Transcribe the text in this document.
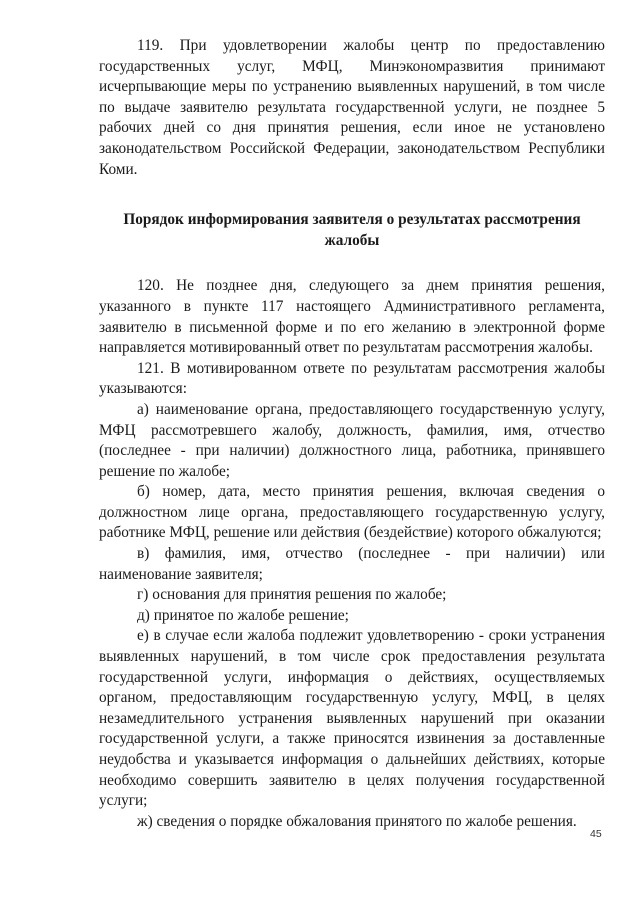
119. При удовлетворении жалобы центр по предоставлению государственных услуг, МФЦ, Минэкономразвития принимают исчерпывающие меры по устранению выявленных нарушений, в том числе по выдаче заявителю результата государственной услуги, не позднее 5 рабочих дней со дня принятия решения, если иное не установлено законодательством Российской Федерации, законодательством Республики Коми.

Порядок информирования заявителя о результатах рассмотрения жалобы

120. Не позднее дня, следующего за днем принятия решения, указанного в пункте 117 настоящего Административного регламента, заявителю в письменной форме и по его желанию в электронной форме направляется мотивированный ответ по результатам рассмотрения жалобы.

121. В мотивированном ответе по результатам рассмотрения жалобы указываются:

а) наименование органа, предоставляющего государственную услугу, МФЦ рассмотревшего жалобу, должность, фамилия, имя, отчество (последнее - при наличии) должностного лица, работника, принявшего решение по жалобе;

б) номер, дата, место принятия решения, включая сведения о должностном лице органа, предоставляющего государственную услугу, работнике МФЦ, решение или действия (бездействие) которого обжалуются;

в) фамилия, имя, отчество (последнее - при наличии) или наименование заявителя;

г) основания для принятия решения по жалобе;

д) принятое по жалобе решение;

е) в случае если жалоба подлежит удовлетворению - сроки устранения выявленных нарушений, в том числе срок предоставления результата государственной услуги, информация о действиях, осуществляемых органом, предоставляющим государственную услугу, МФЦ, в целях незамедлительного устранения выявленных нарушений при оказании государственной услуги, а также приносятся извинения за доставленные неудобства и указывается информация о дальнейших действиях, которые необходимо совершить заявителю в целях получения государственной услуги;

ж) сведения о порядке обжалования принятого по жалобе решения.

45
